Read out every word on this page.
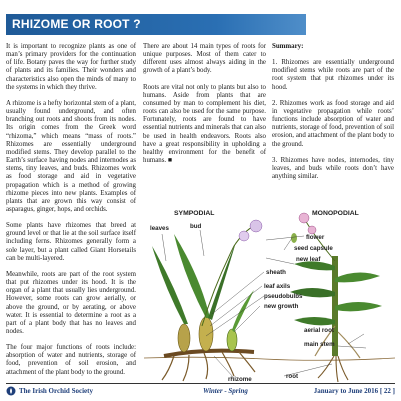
RHIZOME OR ROOT ?

It is important to recognize plants as one of man’s primary providers for the continuation of life. Botany paves the way for further study of plants and its families. Their wonders and characteristics also open the minds of many to the systems in which they thrive.

A rhizome is a hefty horizontal stem of a plant, usually found underground, and often branching out roots and shoots from its nodes. Its origin comes from the Greek word “rhizoma,” which means “mass of roots.” Rhizomes are essentially underground modified stems. They develop parallel to the Earth’s surface having nodes and internodes as stems, tiny leaves, and buds. Rhizomes work as food storage and aid in vegetative propagation which is a method of growing rhizome pieces into new plants. Examples of plants that are grown this way consist of asparagus, ginger, hops, and orchids.

Some plants have rhizomes that breed at ground level or that lie at the soil surface itself including ferns. Rhizomes generally form a sole layer, but a plant called Giant Horsetails can be multi-layered.

Meanwhile, roots are part of the root system that put rhizomes under its hood. It is the organ of a plant that usually lies underground. However, some roots can grow aerially, or above the ground, or by aerating, or above water. It is essential to determine a root as a part of a plant body that has no leaves and nodes.

The four major functions of roots include: absorption of water and nutrients, storage of food, prevention of soil erosion, and attachment of the plant body to the ground.

There are about 14 main types of roots for unique purposes. Most of them cater to different uses almost always aiding in the growth of a plant’s body.

Roots are vital not only to plants but also to humans. Aside from plants that are consumed by man to complement his diet, roots can also be used for the same purpose. Fortunately, roots are found to have essential nutrients and minerals that can also be used in health endeavors. Roots also have a great responsibility in upholding a healthy environment for the benefit of humans. ■

Summary:

1. Rhizomes are essentially underground modified stems while roots are part of the root system that put rhizomes under its hood.

2. Rhizomes work as food storage and aid in vegetative propagation while roots’ functions include absorption of water and nutrients, storage of food, prevention of soil erosion, and attachment of the plant body to the ground.

3. Rhizomes have nodes, internodes, tiny leaves, and buds while roots don’t have anything similar.

SYMPODIAL	MONOPODIAL
leaves	bud
flower
seed capsule
new leaf
sheath
leaf axils
pseudobulbs
new growth
aerial root
main stem
rhizome	root
The Irish Orchid Society	Winter - Spring	January to June 2016 [ 22 ]
